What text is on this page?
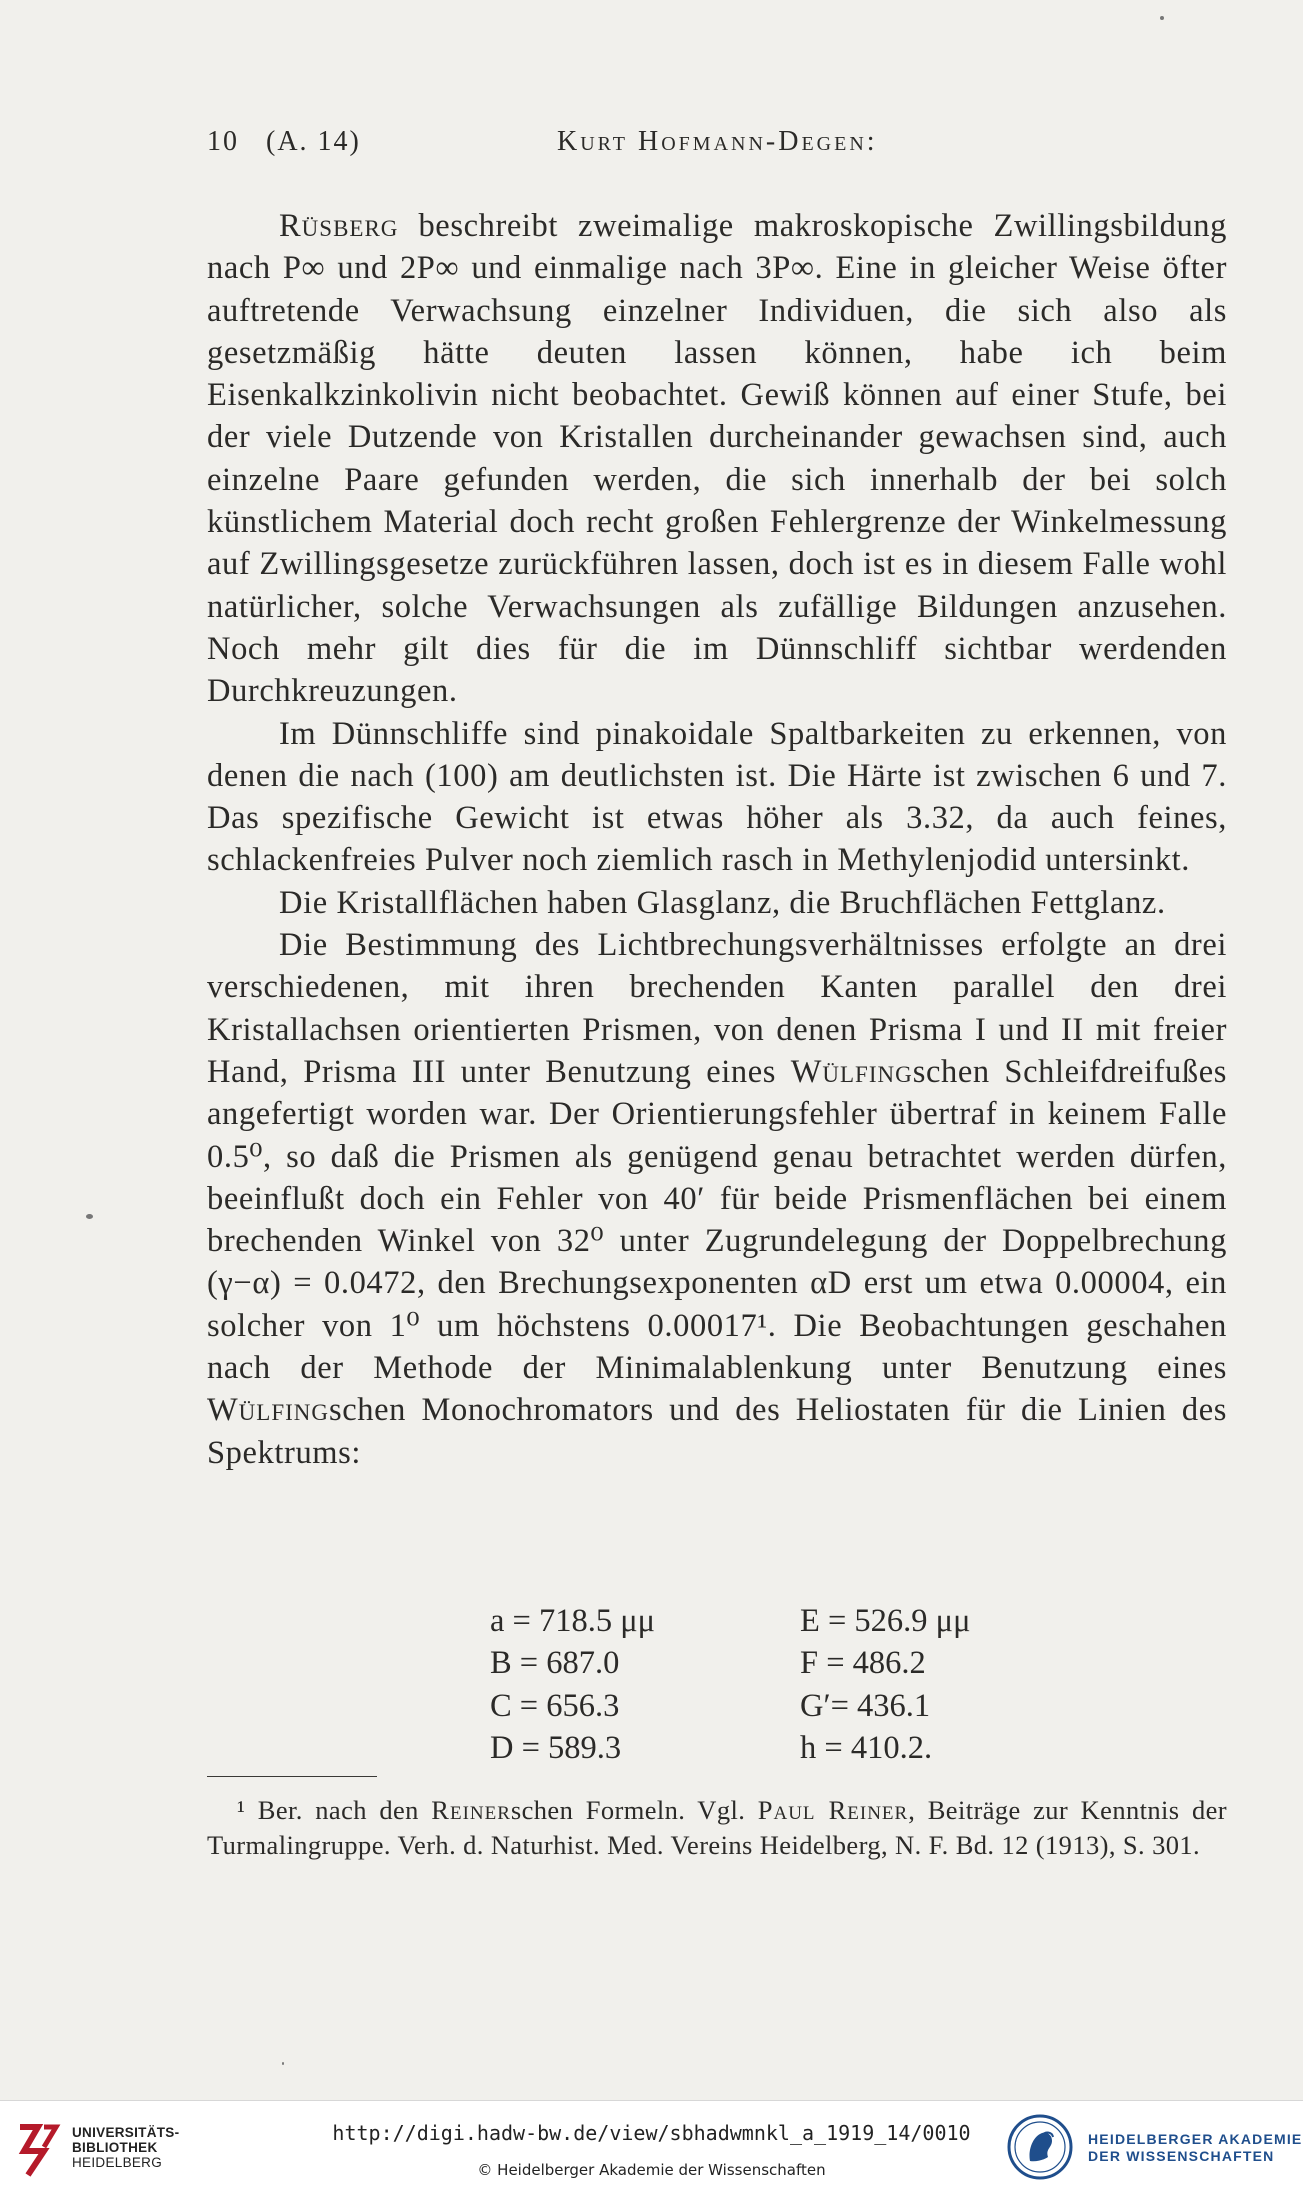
10 (A. 14)	Kurt Hofmann-Degen:

Rüsberg beschreibt zweimalige makroskopische Zwillingsbildung nach P∞ und 2P∞ und einmalige nach 3P∞. Eine in gleicher Weise öfter auftretende Verwachsung einzelner Individuen, die sich also als gesetzmäßig hätte deuten lassen können, habe ich beim Eisenkalkzinkolivin nicht beobachtet. Gewiß können auf einer Stufe, bei der viele Dutzende von Kristallen durcheinander gewachsen sind, auch einzelne Paare gefunden werden, die sich innerhalb der bei solch künstlichem Material doch recht großen Fehlergrenze der Winkelmessung auf Zwillingsgesetze zurückführen lassen, doch ist es in diesem Falle wohl natürlicher, solche Verwachsungen als zufällige Bildungen anzusehen. Noch mehr gilt dies für die im Dünnschliff sichtbar werdenden Durchkreuzungen.

Im Dünnschliffe sind pinakoidale Spaltbarkeiten zu erkennen, von denen die nach (100) am deutlichsten ist. Die Härte ist zwischen 6 und 7. Das spezifische Gewicht ist etwas höher als 3.32, da auch feines, schlackenfreies Pulver noch ziemlich rasch in Methylenjodid untersinkt.

Die Kristallflächen haben Glasglanz, die Bruchflächen Fettglanz.

Die Bestimmung des Lichtbrechungsverhältnisses erfolgte an drei verschiedenen, mit ihren brechenden Kanten parallel den drei Kristallachsen orientierten Prismen, von denen Prisma I und II mit freier Hand, Prisma III unter Benutzung eines Wülfingschen Schleifdreifußes angefertigt worden war. Der Orientierungsfehler übertraf in keinem Falle 0.5⁰, so daß die Prismen als genügend genau betrachtet werden dürfen, beeinflußt doch ein Fehler von 40′ für beide Prismenflächen bei einem brechenden Winkel von 32⁰ unter Zugrundelegung der Doppelbrechung (γ−α) = 0.0472, den Brechungsexponenten αD erst um etwa 0.00004, ein solcher von 1⁰ um höchstens 0.00017¹. Die Beobachtungen geschahen nach der Methode der Minimalablenkung unter Benutzung eines Wülfingschen Monochromators und des Heliostaten für die Linien des Spektrums:

a = 718.5 μμ	E = 526.9 μμ
B = 687.0	F = 486.2
C = 656.3	G′= 436.1
D = 589.3	h = 410.2.

¹ Ber. nach den Reinerschen Formeln. Vgl. Paul Reiner, Beiträge zur Kenntnis der Turmalingruppe. Verh. d. Naturhist. Med. Vereins Heidelberg, N. F. Bd. 12 (1913), S. 301.

UNIVERSITÄTS-
BIBLIOTHEK
HEIDELBERG
http://digi.hadw-bw.de/view/sbhadwmnkl_a_1919_14/0010
© Heidelberger Akademie der Wissenschaften
HEIDELBERGER AKADEMIE
DER WISSENSCHAFTEN
